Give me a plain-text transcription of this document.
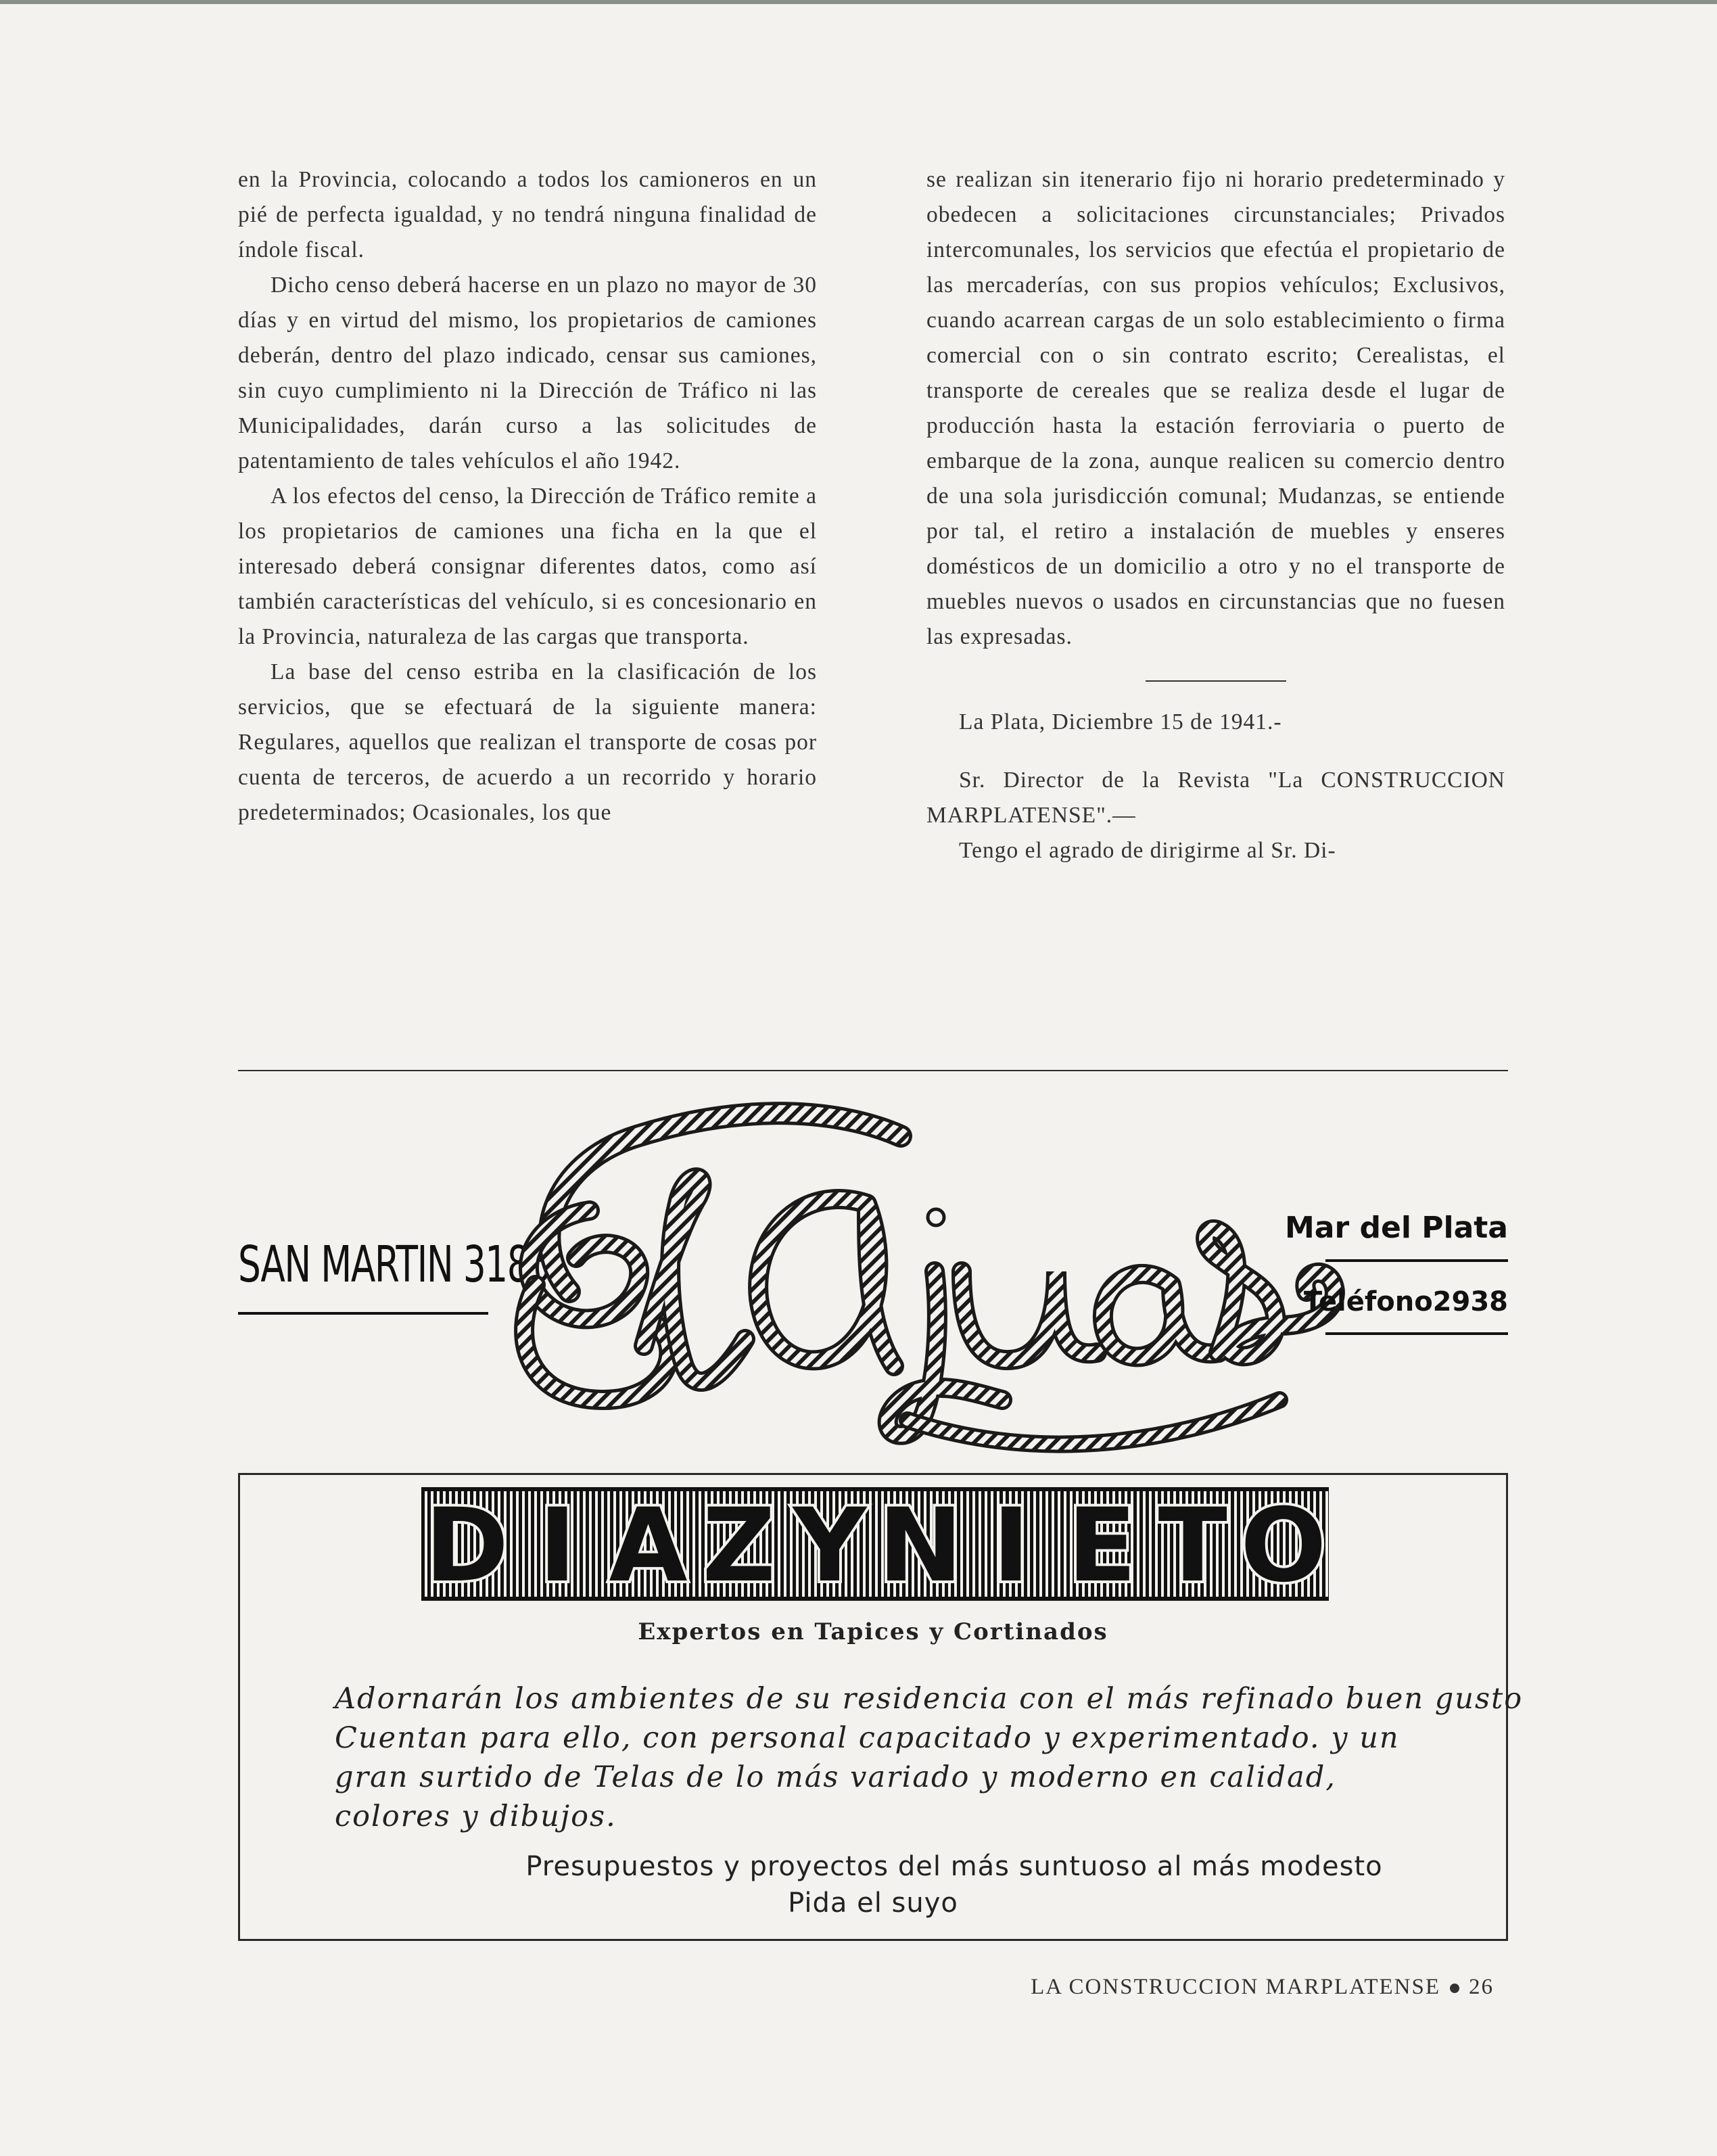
en la Provincia, colocando a todos los camioneros en un pié de perfecta igualdad, y no tendrá ninguna finalidad de índole fiscal.

Dicho censo deberá hacerse en un plazo no mayor de 30 días y en virtud del mismo, los propietarios de camiones deberán, dentro del plazo indicado, censar sus camiones, sin cuyo cumplimiento ni la Dirección de Tráfico ni las Municipalidades, darán curso a las solicitudes de patentamiento de tales vehículos el año 1942.

A los efectos del censo, la Dirección de Tráfico remite a los propietarios de camiones una ficha en la que el interesado deberá consignar diferentes datos, como así también características del vehículo, si es concesionario en la Provincia, naturaleza de las cargas que transporta.

La base del censo estriba en la clasificación de los servicios, que se efectuará de la siguiente manera: Regulares, aquellos que realizan el transporte de cosas por cuenta de terceros, de acuerdo a un recorrido y horario predeterminados; Ocasionales, los que

se realizan sin itenerario fijo ni horario predeterminado y obedecen a solicitaciones circunstanciales; Privados intercomunales, los servicios que efectúa el propietario de las mercaderías, con sus propios vehículos; Exclusivos, cuando acarrean cargas de un solo establecimiento o firma comercial con o sin contrato escrito; Cerealistas, el transporte de cereales que se realiza desde el lugar de producción hasta la estación ferroviaria o puerto de embarque de la zona, aunque realicen su comercio dentro de una sola jurisdicción comunal; Mudanzas, se entiende por tal, el retiro a instalación de muebles y enseres domésticos de un domicilio a otro y no el transporte de muebles nuevos o usados en circunstancias que no fuesen las expresadas.

La Plata, Diciembre 15 de 1941.-

Sr. Director de la Revista "La CONSTRUCCION MARPLATENSE".—

Tengo el agrado de dirigirme al Sr. Di-

SAN MARTIN 3185
El Ajuar
Mar del Plata
Teléfono2938
D I A Z Y N I E T O
Expertos en Tapices y Cortinados
Adornarán los ambientes de su residencia con el más refinado buen gusto
Cuentan para ello, con personal capacitado y experimentado. y un
gran surtido de Telas de lo más variado y moderno en calidad,
colores y dibujos.
Presupuestos y proyectos del más suntuoso al más modesto
Pida el suyo
LA CONSTRUCCION MARPLATENSE 26
